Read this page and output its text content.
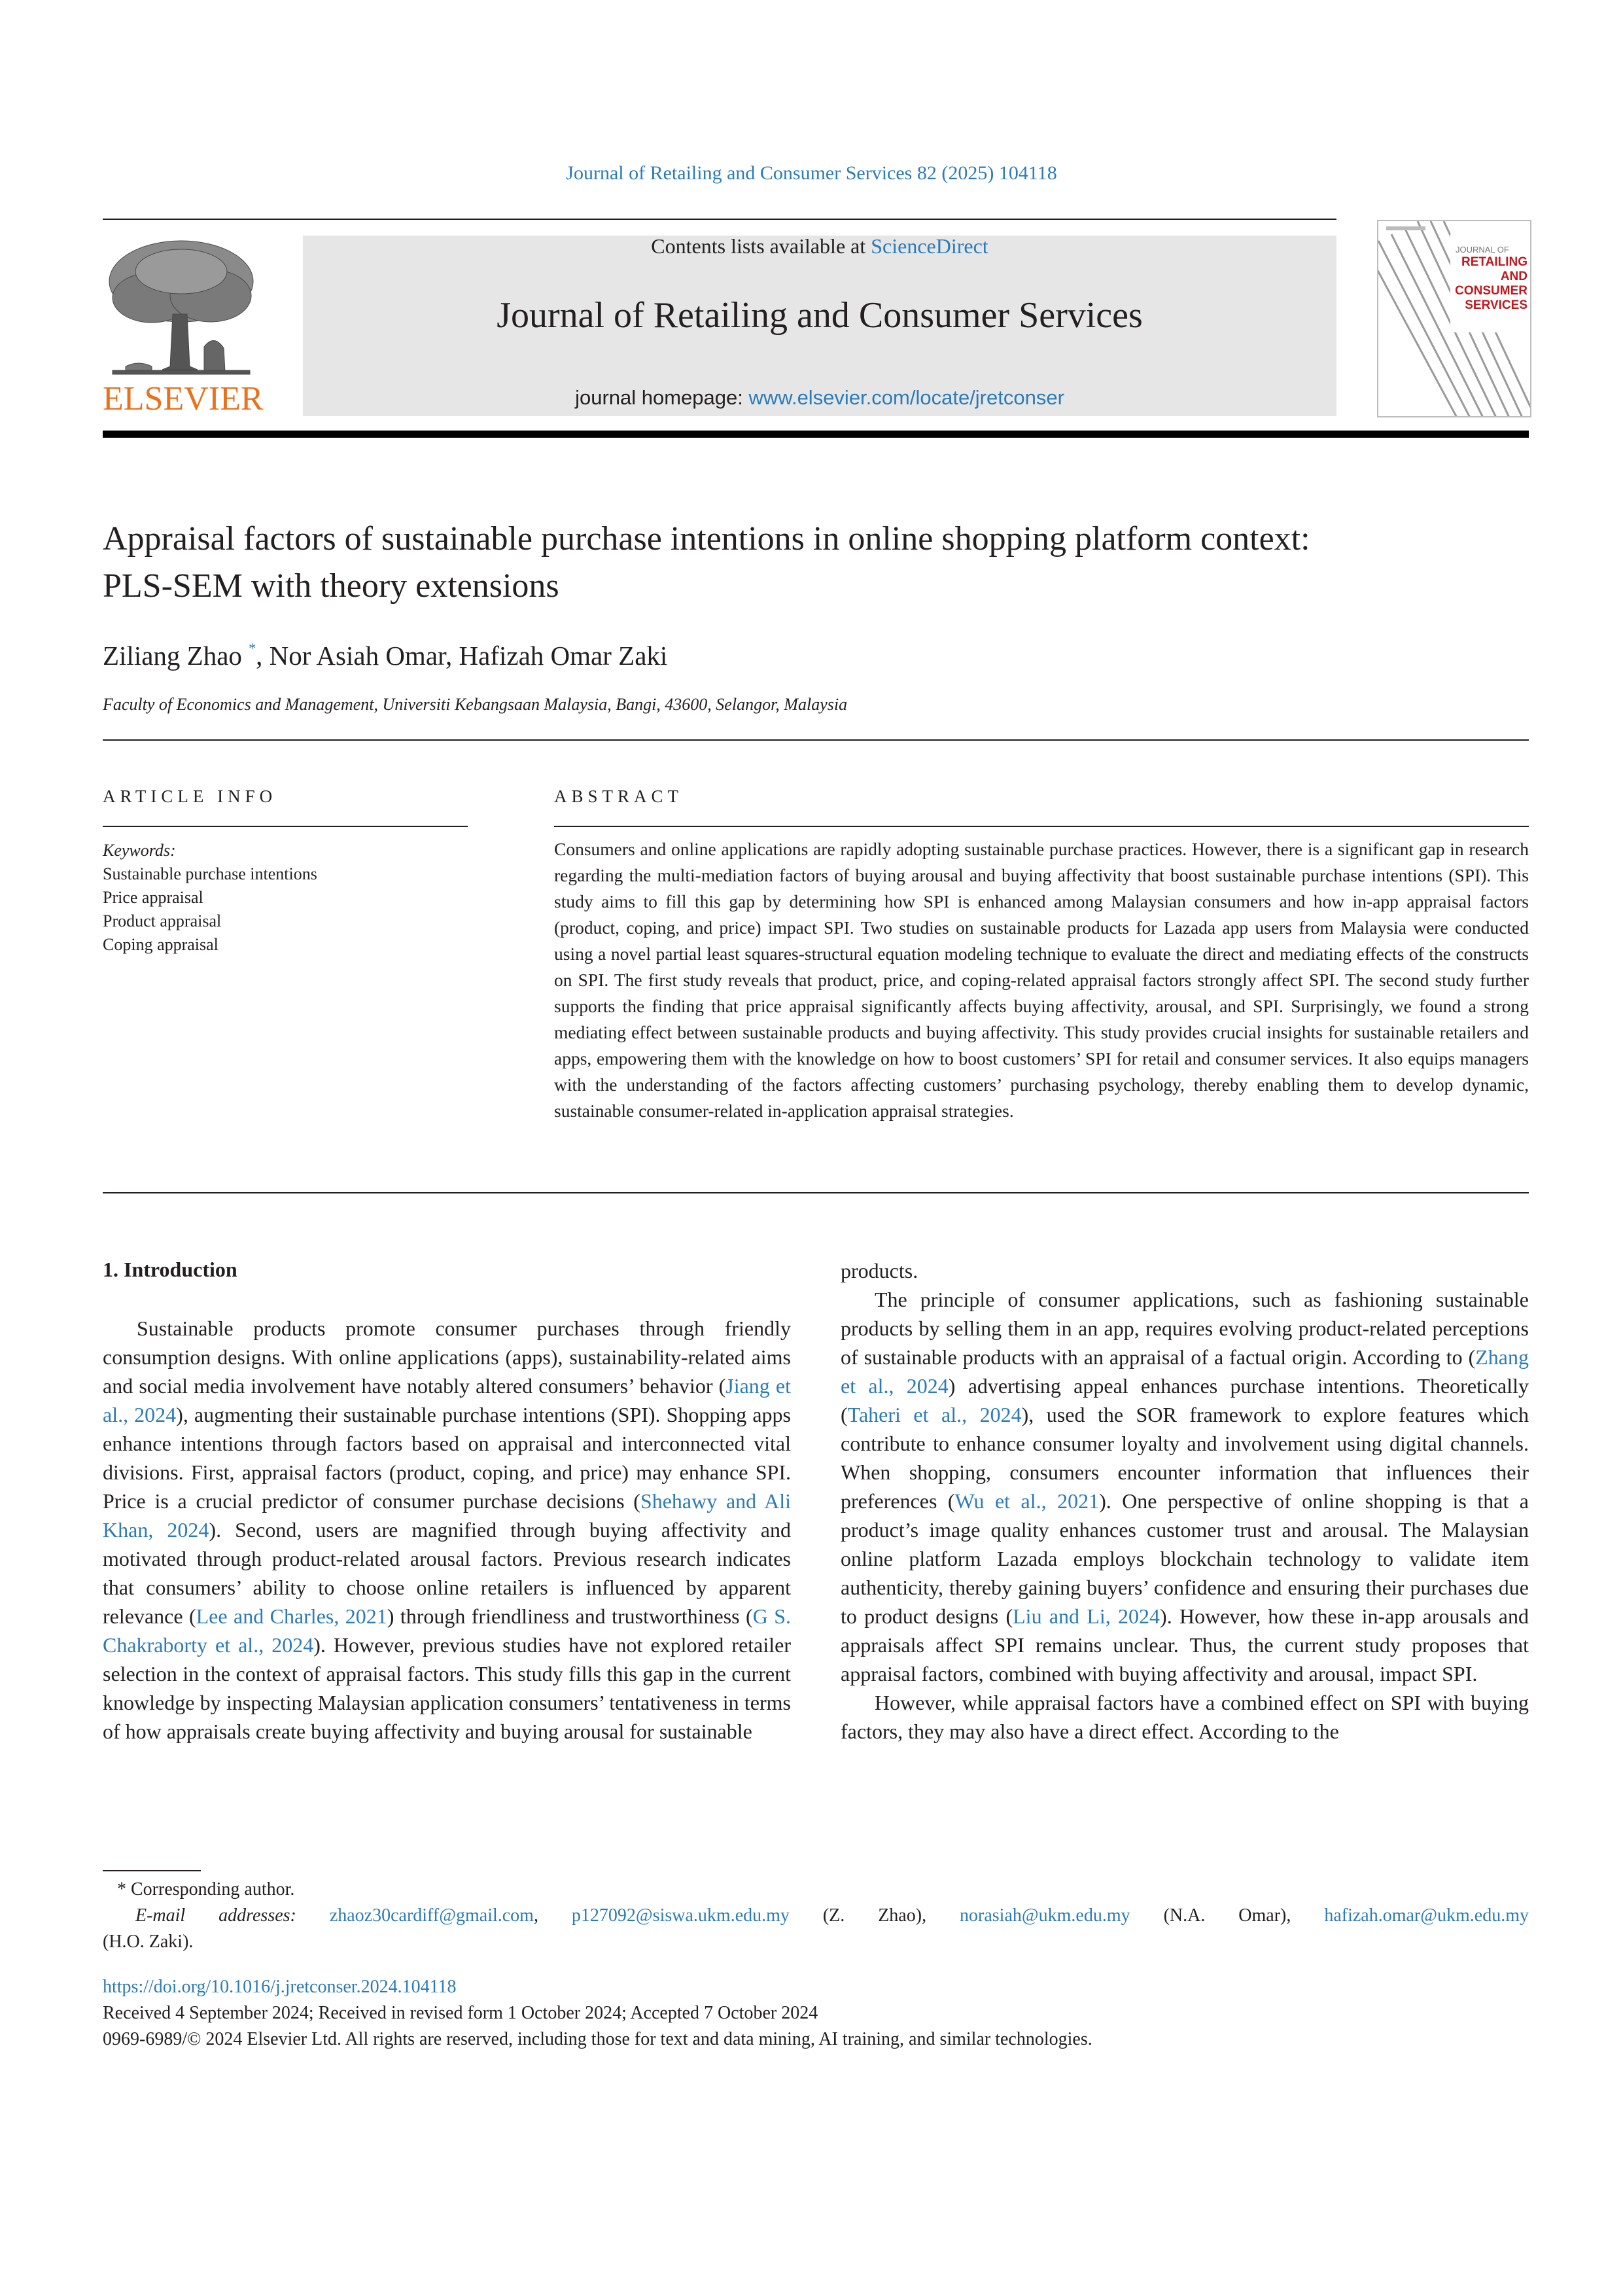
Journal of Retailing and Consumer Services 82 (2025) 104118
ELSEVIER
Contents lists available at ScienceDirect
Journal of Retailing and Consumer Services
journal homepage: www.elsevier.com/locate/jretconser
JOURNAL OF
RETAILING AND CONSUMER SERVICES
Appraisal factors of sustainable purchase intentions in online shopping platform context: PLS-SEM with theory extensions
Ziliang Zhao *, Nor Asiah Omar, Hafizah Omar Zaki
Faculty of Economics and Management, Universiti Kebangsaan Malaysia, Bangi, 43600, Selangor, Malaysia
ARTICLE INFO
Keywords:
Sustainable purchase intentions
Price appraisal
Product appraisal
Coping appraisal
ABSTRACT
Consumers and online applications are rapidly adopting sustainable purchase practices. However, there is a significant gap in research regarding the multi-mediation factors of buying arousal and buying affectivity that boost sustainable purchase intentions (SPI). This study aims to fill this gap by determining how SPI is enhanced among Malaysian consumers and how in-app appraisal factors (product, coping, and price) impact SPI. Two studies on sustainable products for Lazada app users from Malaysia were conducted using a novel partial least squares-structural equation modeling technique to evaluate the direct and mediating effects of the constructs on SPI. The first study reveals that product, price, and coping-related appraisal factors strongly affect SPI. The second study further supports the finding that price appraisal significantly affects buying affectivity, arousal, and SPI. Surprisingly, we found a strong mediating effect between sustainable products and buying affectivity. This study provides crucial insights for sustainable retailers and apps, empowering them with the knowledge on how to boost customers’ SPI for retail and consumer services. It also equips managers with the understanding of the factors affecting customers’ purchasing psychology, thereby enabling them to develop dynamic, sustainable consumer-related in-application appraisal strategies.
1. Introduction

Sustainable products promote consumer purchases through friendly consumption designs. With online applications (apps), sustainability-related aims and social media involvement have notably altered consumers’ behavior (Jiang et al., 2024), augmenting their sustainable purchase intentions (SPI). Shopping apps enhance intentions through factors based on appraisal and interconnected vital divisions. First, appraisal factors (product, coping, and price) may enhance SPI. Price is a crucial predictor of consumer purchase decisions (Shehawy and Ali Khan, 2024). Second, users are magnified through buying affectivity and motivated through product-related arousal factors. Previous research indicates that consumers’ ability to choose online retailers is influenced by apparent relevance (Lee and Charles, 2021) through friendliness and trustworthiness (G S. Chakraborty et al., 2024). However, previous studies have not explored retailer selection in the context of appraisal factors. This study fills this gap in the current knowledge by inspecting Malaysian application consumers’ tentativeness in terms of how appraisals create buying affectivity and buying arousal for sustainable

products.

The principle of consumer applications, such as fashioning sustainable products by selling them in an app, requires evolving product-related perceptions of sustainable products with an appraisal of a factual origin. According to (Zhang et al., 2024) advertising appeal enhances purchase intentions. Theoretically (Taheri et al., 2024), used the SOR framework to explore features which contribute to enhance consumer loyalty and involvement using digital channels. When shopping, consumers encounter information that influences their preferences (Wu et al., 2021). One perspective of online shopping is that a product’s image quality enhances customer trust and arousal. The Malaysian online platform Lazada employs blockchain technology to validate item authenticity, thereby gaining buyers’ confidence and ensuring their purchases due to product designs (Liu and Li, 2024). However, how these in-app arousals and appraisals affect SPI remains unclear. Thus, the current study proposes that appraisal factors, combined with buying affectivity and arousal, impact SPI.

However, while appraisal factors have a combined effect on SPI with buying factors, they may also have a direct effect. According to the

* Corresponding author.
E-mail addresses: zhaoz30cardiff@gmail.com, p127092@siswa.ukm.edu.my (Z. Zhao), norasiah@ukm.edu.my (N.A. Omar), hafizah.omar@ukm.edu.my
(H.O. Zaki).
https://doi.org/10.1016/j.jretconser.2024.104118
Received 4 September 2024; Received in revised form 1 October 2024; Accepted 7 October 2024
0969-6989/© 2024 Elsevier Ltd. All rights are reserved, including those for text and data mining, AI training, and similar technologies.
